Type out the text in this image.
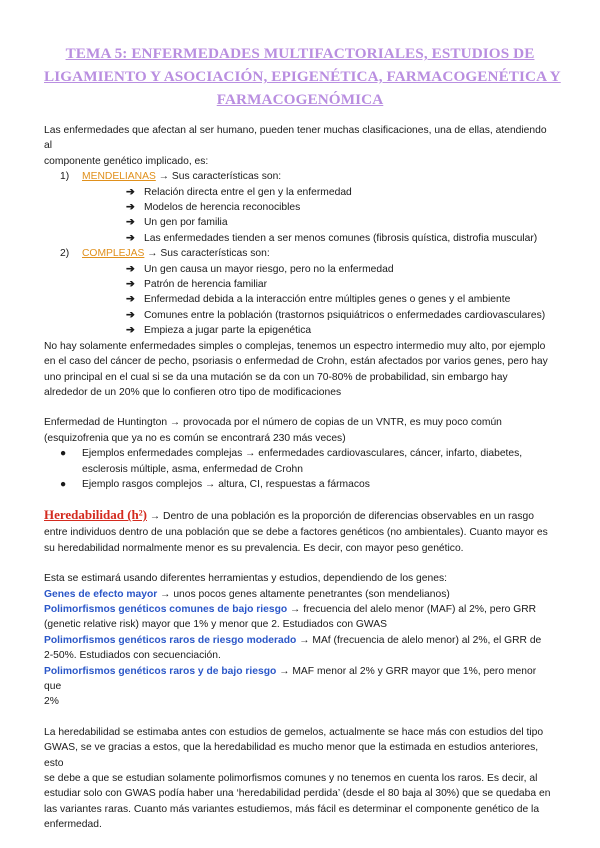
TEMA 5: ENFERMEDADES MULTIFACTORIALES, ESTUDIOS DE
LIGAMIENTO Y ASOCIACIÓN, EPIGENÉTICA, FARMACOGENÉTICA Y
FARMACOGENÓMICA

Las enfermedades que afectan al ser humano, pueden tener muchas clasificaciones, una de ellas, atendiendo al

componente genético implicado, es:

1)	MENDELIANAS → Sus características son:
➔ Relación directa entre el gen y la enfermedad
➔ Modelos de herencia reconocibles
➔ Un gen por familia
➔ Las enfermedades tienden a ser menos comunes (fibrosis quística, distrofia muscular)
2)	COMPLEJAS → Sus características son:
➔ Un gen causa un mayor riesgo, pero no la enfermedad
➔ Patrón de herencia familiar
➔ Enfermedad debida a la interacción entre múltiples genes o genes y el ambiente
➔ Comunes entre la población (trastornos psiquiátricos o enfermedades cardiovasculares)
➔ Empieza a jugar parte la epigenética

No hay solamente enfermedades simples o complejas, tenemos un espectro intermedio muy alto, por ejemplo

en el caso del cáncer de pecho, psoriasis o enfermedad de Crohn, están afectados por varios genes, pero hay

uno principal en el cual si se da una mutación se da con un 70-80% de probabilidad, sin embargo hay

alrededor de un 20% que lo confieren otro tipo de modificaciones

Enfermedad de Huntington → provocada por el número de copias de un VNTR, es muy poco común

(esquizofrenia que ya no es común se encontrará 230 más veces)

● Ejemplos enfermedades complejas → enfermedades cardiovasculares, cáncer, infarto, diabetes,
esclerosis múltiple, asma, enfermedad de Crohn
● Ejemplo rasgos complejos → altura, CI, respuestas a fármacos

Heredabilidad (h²) → Dentro de una población es la proporción de diferencias observables en un rasgo

entre individuos dentro de una población que se debe a factores genéticos (no ambientales). Cuanto mayor es

su heredabilidad normalmente menor es su prevalencia. Es decir, con mayor peso genético.

Esta se estimará usando diferentes herramientas y estudios, dependiendo de los genes:

Genes de efecto mayor → unos pocos genes altamente penetrantes (son mendelianos)

Polimorfismos genéticos comunes de bajo riesgo → frecuencia del alelo menor (MAF) al 2%, pero GRR

(genetic relative risk) mayor que 1% y menor que 2. Estudiados con GWAS

Polimorfismos genéticos raros de riesgo moderado → MAf (frecuencia de alelo menor) al 2%, el GRR de

2-50%. Estudiados con secuenciación.

Polimorfismos genéticos raros y de bajo riesgo → MAF menor al 2% y GRR mayor que 1%, pero menor que

2%

La heredabilidad se estimaba antes con estudios de gemelos, actualmente se hace más con estudios del tipo

GWAS, se ve gracias a estos, que la heredabilidad es mucho menor que la estimada en estudios anteriores, esto

se debe a que se estudian solamente polimorfismos comunes y no tenemos en cuenta los raros. Es decir, al

estudiar solo con GWAS podía haber una ‘heredabilidad perdida’ (desde el 80 baja al 30%) que se quedaba en

las variantes raras. Cuanto más variantes estudiemos, más fácil es determinar el componente genético de la

enfermedad.
